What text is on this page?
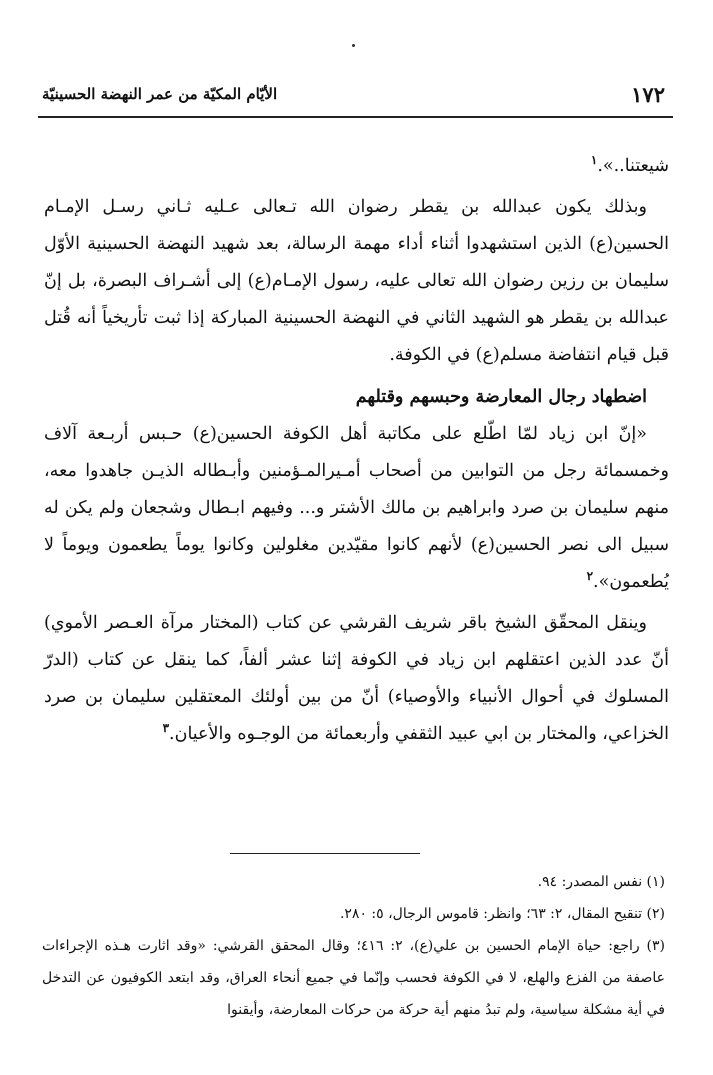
١٧٢
الأيّام المكيّة من عمر النهضة الحسينيّة

شيعتنا..».$^١$

وبذلك يكون عبدالله بن يقطر رضوان الله تـعالى عـليه ثـاني رسـل الإمـام الحسين(ع) الذين استشهدوا أثناء أداء مهمة الرسالة، بعد شهيد النهضة الحسينية الأوّل سليمان بن رزين رضوان الله تعالى عليه، رسول الإمـام(ع) إلى أشـراف البصرة، بل إنّ عبدالله بن يقطر هو الشهيد الثاني في النهضة الحسينية المباركة إذا ثبت تأريخياً أنه قُتل قبل قيام انتفاضة مسلم(ع) في الكوفة.

اضطهاد رجال المعارضة وحبسهم وقتلهم

«إنّ ابن زياد لمّا اطّلع على مكاتبة أهل الكوفة الحسين(ع) حـبس أربـعة آلاف وخمسمائة رجل من التوابين من أصحاب أمـيرالمـؤمنين وأبـطاله الذيـن جاهدوا معه، منهم سليمان بن صرد وابراهيم بن مالك الأشتر و... وفيهم ابـطال وشجعان ولم يكن له سبيل الى نصر الحسين(ع) لأنهم كانوا مقيّدين مغلولين وكانوا يوماً يطعمون ويوماً لا يُطعمون».$^٢$

وينقل المحقّق الشيخ باقر شريف القرشي عن كتاب (المختار مرآة العـصر الأموي) أنّ عدد الذين اعتقلهم ابن زياد في الكوفة إثنا عشر ألفاً، كما ينقل عن كتاب (الدرّ المسلوك في أحوال الأنبياء والأوصياء) أنّ من بين أولئك المعتقلين سليمان بن صرد الخزاعي، والمختار بن ابي عبيد الثقفي وأربعمائة من الوجـوه والأعيان.$^٣$

(١) نفس المصدر: ٩٤.

(٢) تنقيح المقال، ٢: ٦٣؛ وانظر: قاموس الرجال، ٥: ٢٨٠.

(٣) راجع: حياة الإمام الحسين بن علي(ع)، ٢: ٤١٦؛ وقال المحقق القرشي: «وقد اثارت هـذه الإجراءات عاصفة من الفزع والهلع، لا في الكوفة فحسب وإنّما في جميع أنحاء العراق، وقد ابتعد الكوفيون عن التدخل في أية مشكلة سياسية، ولم تبدُ منهم أية حركة من حركات المعارضة، وأيقنوا
